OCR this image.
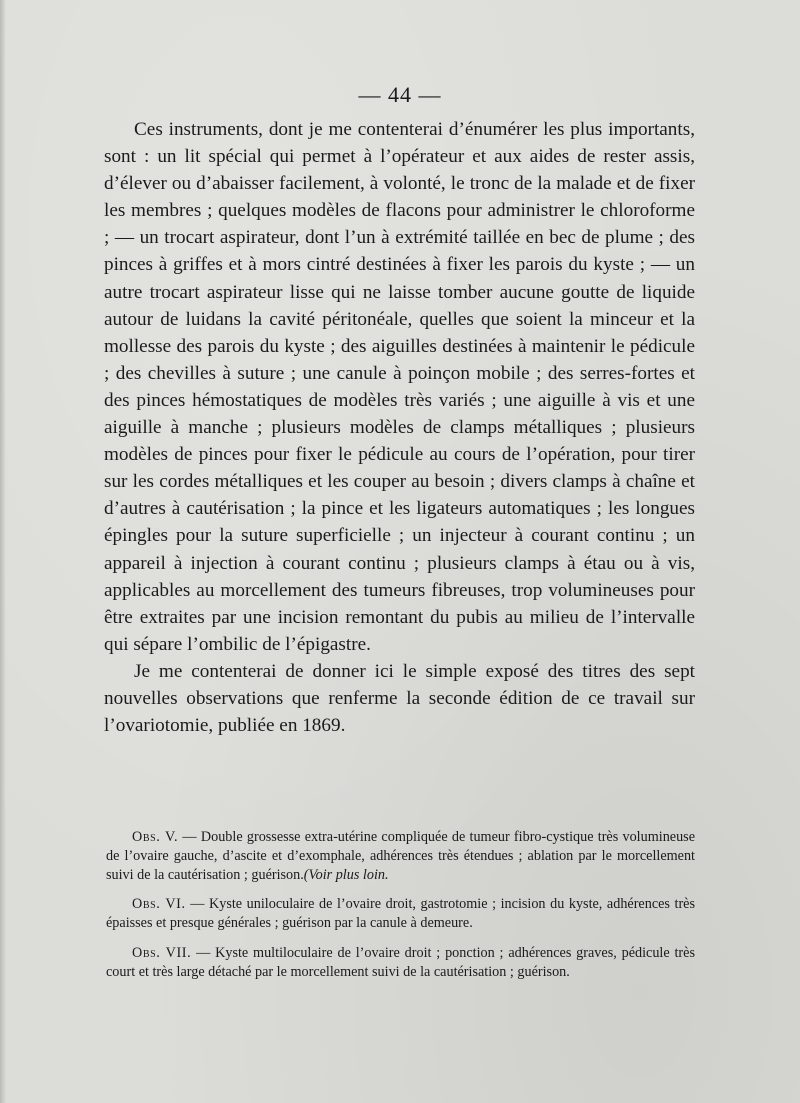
— 44 —

Ces instruments, dont je me contenterai d’énumérer les plus importants, sont : un lit spécial qui permet à l’opérateur et aux aides de rester assis, d’élever ou d’abaisser facilement, à volonté, le tronc de la malade et de fixer les membres ; quelques modèles de flacons pour administrer le chloroforme ; — un trocart aspirateur, dont l’un à extrémité taillée en bec de plume ; des pinces à griffes et à mors cintré destinées à fixer les parois du kyste ; — un autre trocart aspirateur lisse qui ne laisse tomber aucune goutte de liquide autour de luidans la cavité péritonéale, quelles que soient la minceur et la mollesse des parois du kyste ; des aiguilles destinées à maintenir le pédicule ; des chevilles à suture ; une canule à poinçon mobile ; des serres-fortes et des pinces hémostatiques de modèles très variés ; une aiguille à vis et une aiguille à manche ; plusieurs modèles de clamps métalliques ; plusieurs modèles de pinces pour fixer le pédicule au cours de l’opération, pour tirer sur les cordes métalliques et les couper au besoin ; divers clamps à chaîne et d’autres à cautérisation ; la pince et les ligateurs automatiques ; les longues épingles pour la suture superficielle ; un injecteur à courant continu ; un appareil à injection à courant continu ; plusieurs clamps à étau ou à vis, applicables au morcellement des tumeurs fibreuses, trop volumineuses pour être extraites par une incision remontant du pubis au milieu de l’intervalle qui sépare l’ombilic de l’épigastre.

Je me contenterai de donner ici le simple exposé des titres des sept nouvelles observations que renferme la seconde édition de ce travail sur l’ovariotomie, publiée en 1869.

Obs. V. — Double grossesse extra-utérine compliquée de tumeur fibro-cystique très volumineuse de l’ovaire gauche, d’ascite et d’exomphale, adhérences très étendues ; ablation par le morcellement suivi de la cautérisation ; guérison.(Voir plus loin.

Obs. VI. — Kyste uniloculaire de l’ovaire droit, gastrotomie ; incision du kyste, adhérences très épaisses et presque générales ; guérison par la canule à demeure.

Obs. VII. — Kyste multiloculaire de l’ovaire droit ; ponction ; adhérences graves, pédicule très court et très large détaché par le morcellement suivi de la cautérisation ; guérison.
